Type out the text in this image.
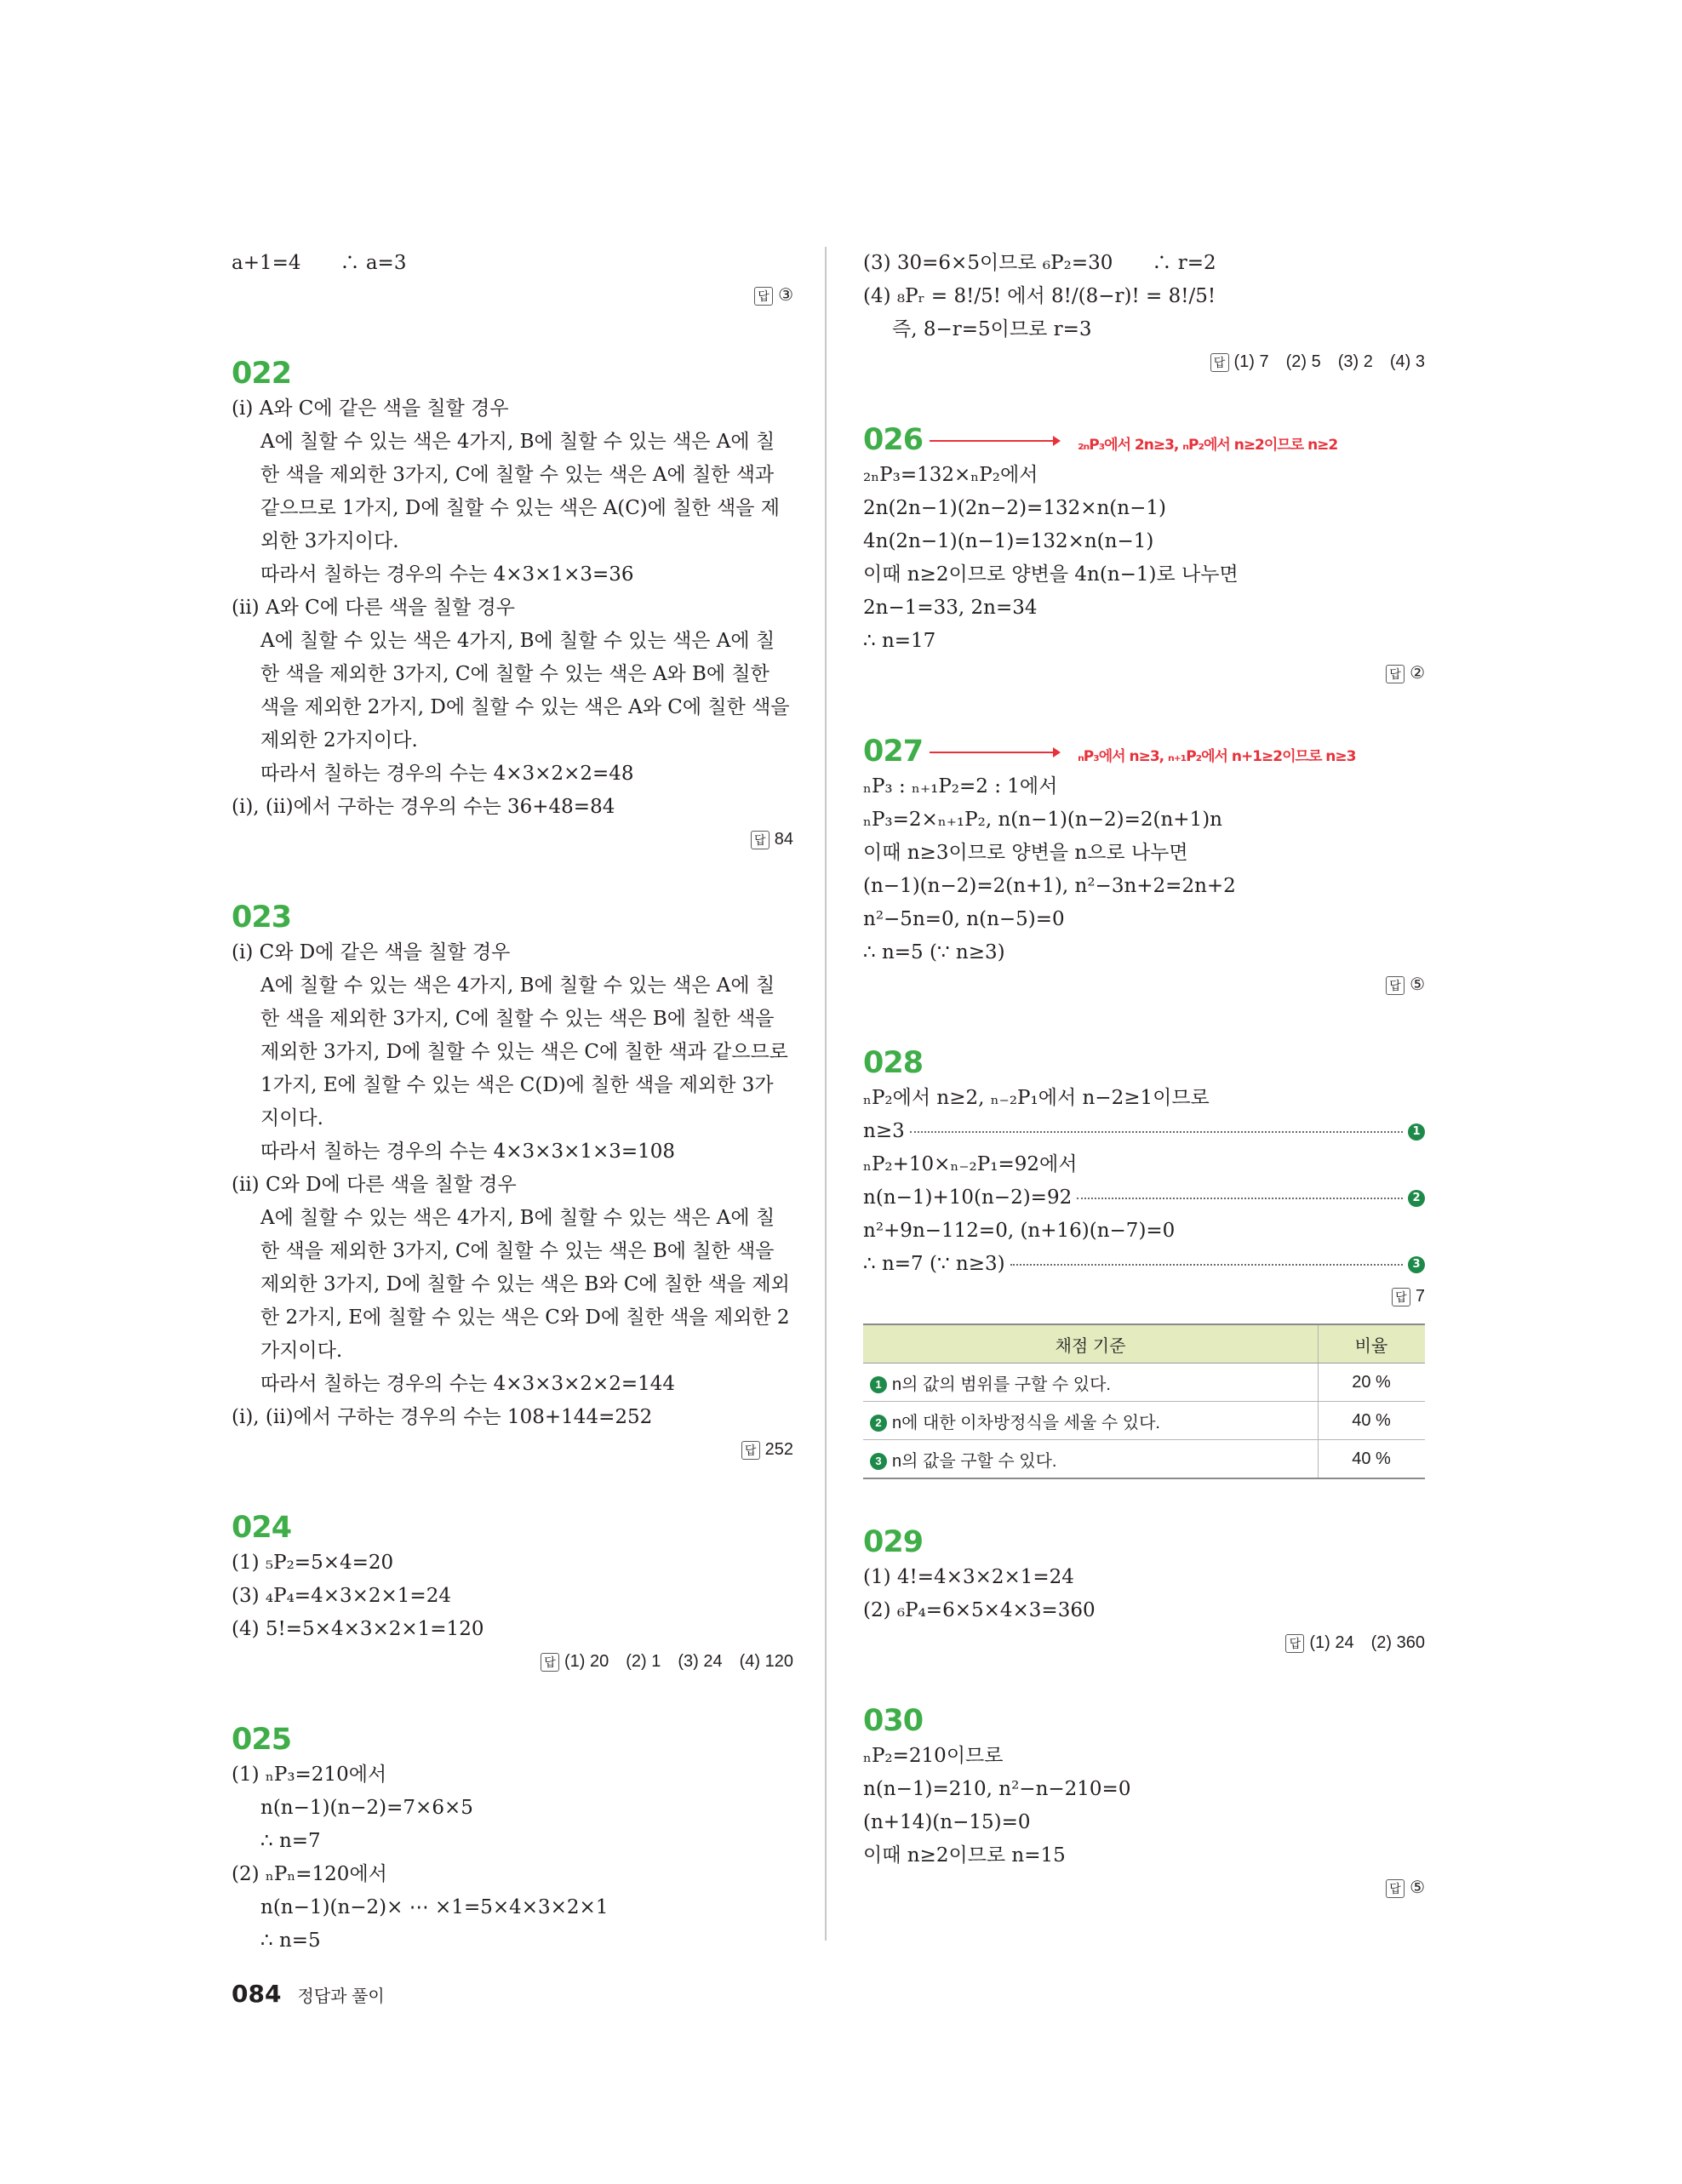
a+1=4　　∴ a=3
답 ③
022
(ⅰ) A와 C에 같은 색을 칠할 경우
A에 칠할 수 있는 색은 4가지, B에 칠할 수 있는 색은 A에 칠
한 색을 제외한 3가지, C에 칠할 수 있는 색은 A에 칠한 색과
같으므로 1가지, D에 칠할 수 있는 색은 A(C)에 칠한 색을 제
외한 3가지이다.
따라서 칠하는 경우의 수는 4×3×1×3=36
(ⅱ) A와 C에 다른 색을 칠할 경우
A에 칠할 수 있는 색은 4가지, B에 칠할 수 있는 색은 A에 칠
한 색을 제외한 3가지, C에 칠할 수 있는 색은 A와 B에 칠한
색을 제외한 2가지, D에 칠할 수 있는 색은 A와 C에 칠한 색을
제외한 2가지이다.
따라서 칠하는 경우의 수는 4×3×2×2=48
(ⅰ), (ⅱ)에서 구하는 경우의 수는 36+48=84
답 84
023
(ⅰ) C와 D에 같은 색을 칠할 경우
A에 칠할 수 있는 색은 4가지, B에 칠할 수 있는 색은 A에 칠
한 색을 제외한 3가지, C에 칠할 수 있는 색은 B에 칠한 색을
제외한 3가지, D에 칠할 수 있는 색은 C에 칠한 색과 같으므로
1가지, E에 칠할 수 있는 색은 C(D)에 칠한 색을 제외한 3가
지이다.
따라서 칠하는 경우의 수는 4×3×3×1×3=108
(ⅱ) C와 D에 다른 색을 칠할 경우
A에 칠할 수 있는 색은 4가지, B에 칠할 수 있는 색은 A에 칠
한 색을 제외한 3가지, C에 칠할 수 있는 색은 B에 칠한 색을
제외한 3가지, D에 칠할 수 있는 색은 B와 C에 칠한 색을 제외
한 2가지, E에 칠할 수 있는 색은 C와 D에 칠한 색을 제외한 2
가지이다.
따라서 칠하는 경우의 수는 4×3×3×2×2=144
(ⅰ), (ⅱ)에서 구하는 경우의 수는 108+144=252
답 252
024
(1) ₅P₂=5×4=20
(3) ₄P₄=4×3×2×1=24
(4) 5!=5×4×3×2×1=120
답 (1) 20　(2) 1　(3) 24　(4) 120
025
(1) ₙP₃=210에서
n(n−1)(n−2)=7×6×5
∴ n=7
(2) ₙPₙ=120에서
n(n−1)(n−2)× ⋯ ×1=5×4×3×2×1
∴ n=5
(3) 30=6×5이므로 ₆P₂=30　　∴ r=2
(4) ₈Pᵣ = 8!/5! 에서 8!/(8−r)! = 8!/5!
즉, 8−r=5이므로 r=3
답 (1) 7　(2) 5　(3) 2　(4) 3
026	₂ₙP₃에서 2n≥3, ₙP₂에서 n≥2이므로 n≥2
₂ₙP₃=132×ₙP₂에서
2n(2n−1)(2n−2)=132×n(n−1)
4n(2n−1)(n−1)=132×n(n−1)
이때 n≥2이므로 양변을 4n(n−1)로 나누면
2n−1=33, 2n=34
∴ n=17
답 ②
027	ₙP₃에서 n≥3, ₙ₊₁P₂에서 n+1≥2이므로 n≥3
ₙP₃ : ₙ₊₁P₂=2 : 1에서
ₙP₃=2×ₙ₊₁P₂, n(n−1)(n−2)=2(n+1)n
이때 n≥3이므로 양변을 n으로 나누면
(n−1)(n−2)=2(n+1), n²−3n+2=2n+2
n²−5n=0, n(n−5)=0
∴ n=5 (∵ n≥3)
답 ⑤
028
ₙP₂에서 n≥2, ₙ₋₂P₁에서 n−2≥1이므로
n≥3	1
ₙP₂+10×ₙ₋₂P₁=92에서
n(n−1)+10(n−2)=92	2
n²+9n−112=0, (n+16)(n−7)=0
∴ n=7 (∵ n≥3)	3
답 7
채점 기준	비율
1 n의 값의 범위를 구할 수 있다.	20 %
2 n에 대한 이차방정식을 세울 수 있다.	40 %
3 n의 값을 구할 수 있다.	40 %
029
(1) 4!=4×3×2×1=24
(2) ₆P₄=6×5×4×3=360
답 (1) 24　(2) 360
030
ₙP₂=210이므로
n(n−1)=210, n²−n−210=0
(n+14)(n−15)=0
이때 n≥2이므로 n=15
답 ⑤
084 정답과 풀이
